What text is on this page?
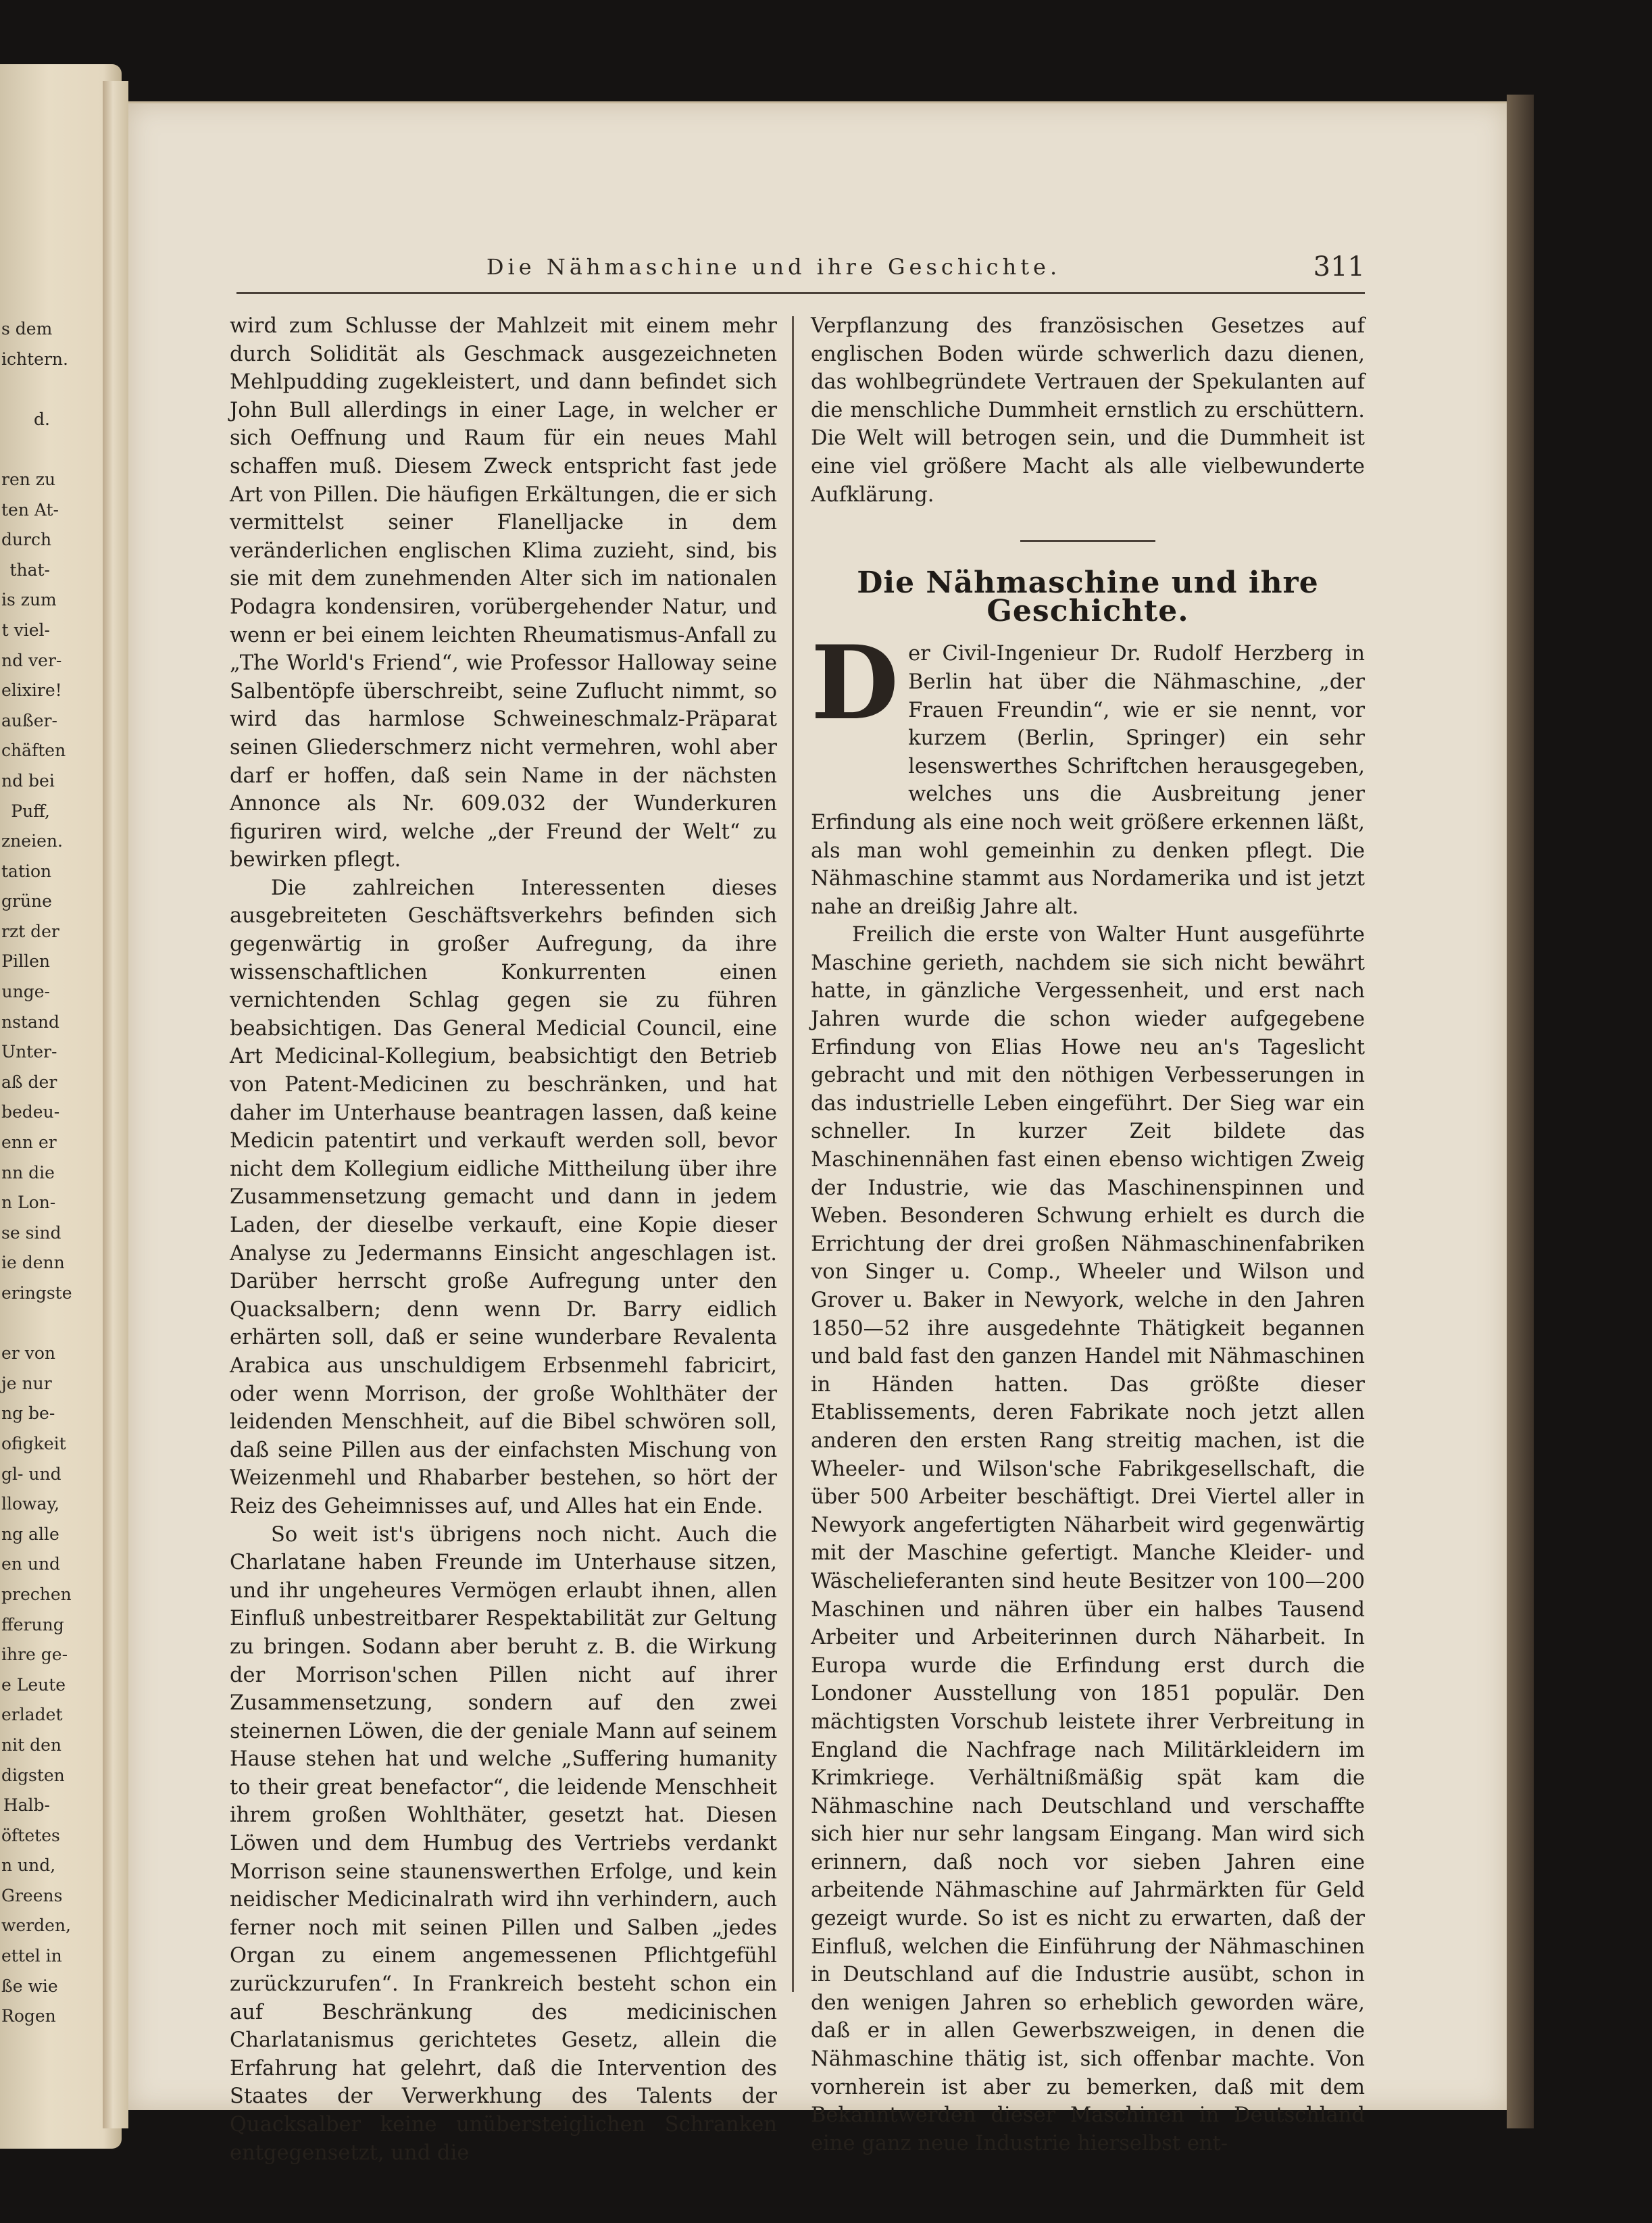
s dem
ichtern.

d.

ren zu
ten At-
durch
that-
is zum
t viel-
nd ver-
elixire!
außer-
chäften
nd bei
Puff,
zneien.
tation
grüne
rzt der
Pillen
unge-
nstand
Unter-
aß der
bedeu-
enn er
nn die
n Lon-
se sind
ie denn
eringste

er von
je nur
ng be-
ofigkeit
gl- und
lloway,
ng alle
en und
prechen
fferung
ihre ge-
e Leute
erladet
nit den
digsten
Halb-
öftetes
n und,
Greens
werden,
ettel in
ße wie
Rogen
Die Nähmaschine und ihre Geschichte.	311

wird zum Schlusse der Mahlzeit mit einem mehr durch Solidität als Geschmack ausgezeichneten Mehlpudding zugekleistert, und dann befindet sich John Bull allerdings in einer Lage, in welcher er sich Oeffnung und Raum für ein neues Mahl schaffen muß. Diesem Zweck entspricht fast jede Art von Pillen. Die häufigen Erkältungen, die er sich vermittelst seiner Flanelljacke in dem veränderlichen englischen Klima zuzieht, sind, bis sie mit dem zunehmenden Alter sich im nationalen Podagra kondensiren, vorübergehender Natur, und wenn er bei einem leichten Rheumatismus-Anfall zu „The World's Friend“, wie Professor Halloway seine Salbentöpfe überschreibt, seine Zuflucht nimmt, so wird das harmlose Schweineschmalz-Präparat seinen Gliederschmerz nicht vermehren, wohl aber darf er hoffen, daß sein Name in der nächsten Annonce als Nr. 609.032 der Wunderkuren figuriren wird, welche „der Freund der Welt“ zu bewirken pflegt.

Die zahlreichen Interessenten dieses ausgebreiteten Geschäftsverkehrs befinden sich gegenwärtig in großer Aufregung, da ihre wissenschaftlichen Konkurrenten einen vernichtenden Schlag gegen sie zu führen beabsichtigen. Das General Medicial Council, eine Art Medicinal-Kollegium, beabsichtigt den Betrieb von Patent-Medicinen zu beschränken, und hat daher im Unterhause beantragen lassen, daß keine Medicin patentirt und verkauft werden soll, bevor nicht dem Kollegium eidliche Mittheilung über ihre Zusammensetzung gemacht und dann in jedem Laden, der dieselbe verkauft, eine Kopie dieser Analyse zu Jedermanns Einsicht angeschlagen ist. Darüber herrscht große Aufregung unter den Quacksalbern; denn wenn Dr. Barry eidlich erhärten soll, daß er seine wunderbare Revalenta Arabica aus unschuldigem Erbsenmehl fabricirt, oder wenn Morrison, der große Wohlthäter der leidenden Menschheit, auf die Bibel schwören soll, daß seine Pillen aus der einfachsten Mischung von Weizenmehl und Rhabarber bestehen, so hört der Reiz des Geheimnisses auf, und Alles hat ein Ende.

So weit ist's übrigens noch nicht. Auch die Charlatane haben Freunde im Unterhause sitzen, und ihr ungeheures Vermögen erlaubt ihnen, allen Einfluß unbestreitbarer Respektabilität zur Geltung zu bringen. Sodann aber beruht z. B. die Wirkung der Morrison'schen Pillen nicht auf ihrer Zusammensetzung, sondern auf den zwei steinernen Löwen, die der geniale Mann auf seinem Hause stehen hat und welche „Suffering humanity to their great benefactor“, die leidende Menschheit ihrem großen Wohlthäter, gesetzt hat. Diesen Löwen und dem Humbug des Vertriebs verdankt Morrison seine staunenswerthen Erfolge, und kein neidischer Medicinalrath wird ihn verhindern, auch ferner noch mit seinen Pillen und Salben „jedes Organ zu einem angemessenen Pflichtgefühl zurückzurufen“. In Frankreich besteht schon ein auf Beschränkung des medicinischen Charlatanismus gerichtetes Gesetz, allein die Erfahrung hat gelehrt, daß die Intervention des Staates der Verwerkhung des Talents der Quacksalber keine unübersteiglichen Schranken entgegensetzt, und die

Verpflanzung des französischen Gesetzes auf englischen Boden würde schwerlich dazu dienen, das wohlbegründete Vertrauen der Spekulanten auf die menschliche Dummheit ernstlich zu erschüttern. Die Welt will betrogen sein, und die Dummheit ist eine viel größere Macht als alle vielbewunderte Aufklärung.

Die Nähmaschine und ihre Geschichte.

Der Civil-Ingenieur Dr. Rudolf Herzberg in Berlin hat über die Nähmaschine, „der Frauen Freundin“, wie er sie nennt, vor kurzem (Berlin, Springer) ein sehr lesenswerthes Schriftchen herausgegeben, welches uns die Ausbreitung jener Erfindung als eine noch weit größere erkennen läßt, als man wohl gemeinhin zu denken pflegt. Die Nähmaschine stammt aus Nordamerika und ist jetzt nahe an dreißig Jahre alt.

Freilich die erste von Walter Hunt ausgeführte Maschine gerieth, nachdem sie sich nicht bewährt hatte, in gänzliche Vergessenheit, und erst nach Jahren wurde die schon wieder aufgegebene Erfindung von Elias Howe neu an's Tageslicht gebracht und mit den nöthigen Verbesserungen in das industrielle Leben eingeführt. Der Sieg war ein schneller. In kurzer Zeit bildete das Maschinennähen fast einen ebenso wichtigen Zweig der Industrie, wie das Maschinenspinnen und Weben. Besonderen Schwung erhielt es durch die Errichtung der drei großen Nähmaschinenfabriken von Singer u. Comp., Wheeler und Wilson und Grover u. Baker in Newyork, welche in den Jahren 1850—52 ihre ausgedehnte Thätigkeit begannen und bald fast den ganzen Handel mit Nähmaschinen in Händen hatten. Das größte dieser Etablissements, deren Fabrikate noch jetzt allen anderen den ersten Rang streitig machen, ist die Wheeler- und Wilson'sche Fabrikgesellschaft, die über 500 Arbeiter beschäftigt. Drei Viertel aller in Newyork angefertigten Näharbeit wird gegenwärtig mit der Maschine gefertigt. Manche Kleider- und Wäschelieferanten sind heute Besitzer von 100—200 Maschinen und nähren über ein halbes Tausend Arbeiter und Arbeiterinnen durch Näharbeit. In Europa wurde die Erfindung erst durch die Londoner Ausstellung von 1851 populär. Den mächtigsten Vorschub leistete ihrer Verbreitung in England die Nachfrage nach Militärkleidern im Krimkriege. Verhältnißmäßig spät kam die Nähmaschine nach Deutschland und verschaffte sich hier nur sehr langsam Eingang. Man wird sich erinnern, daß noch vor sieben Jahren eine arbeitende Nähmaschine auf Jahrmärkten für Geld gezeigt wurde. So ist es nicht zu erwarten, daß der Einfluß, welchen die Einführung der Nähmaschinen in Deutschland auf die Industrie ausübt, schon in den wenigen Jahren so erheblich geworden wäre, daß er in allen Gewerbszweigen, in denen die Nähmaschine thätig ist, sich offenbar machte. Von vornherein ist aber zu bemerken, daß mit dem Bekanntwerden dieser Maschinen in Deutschland eine ganz neue Industrie hierselbst ent-
